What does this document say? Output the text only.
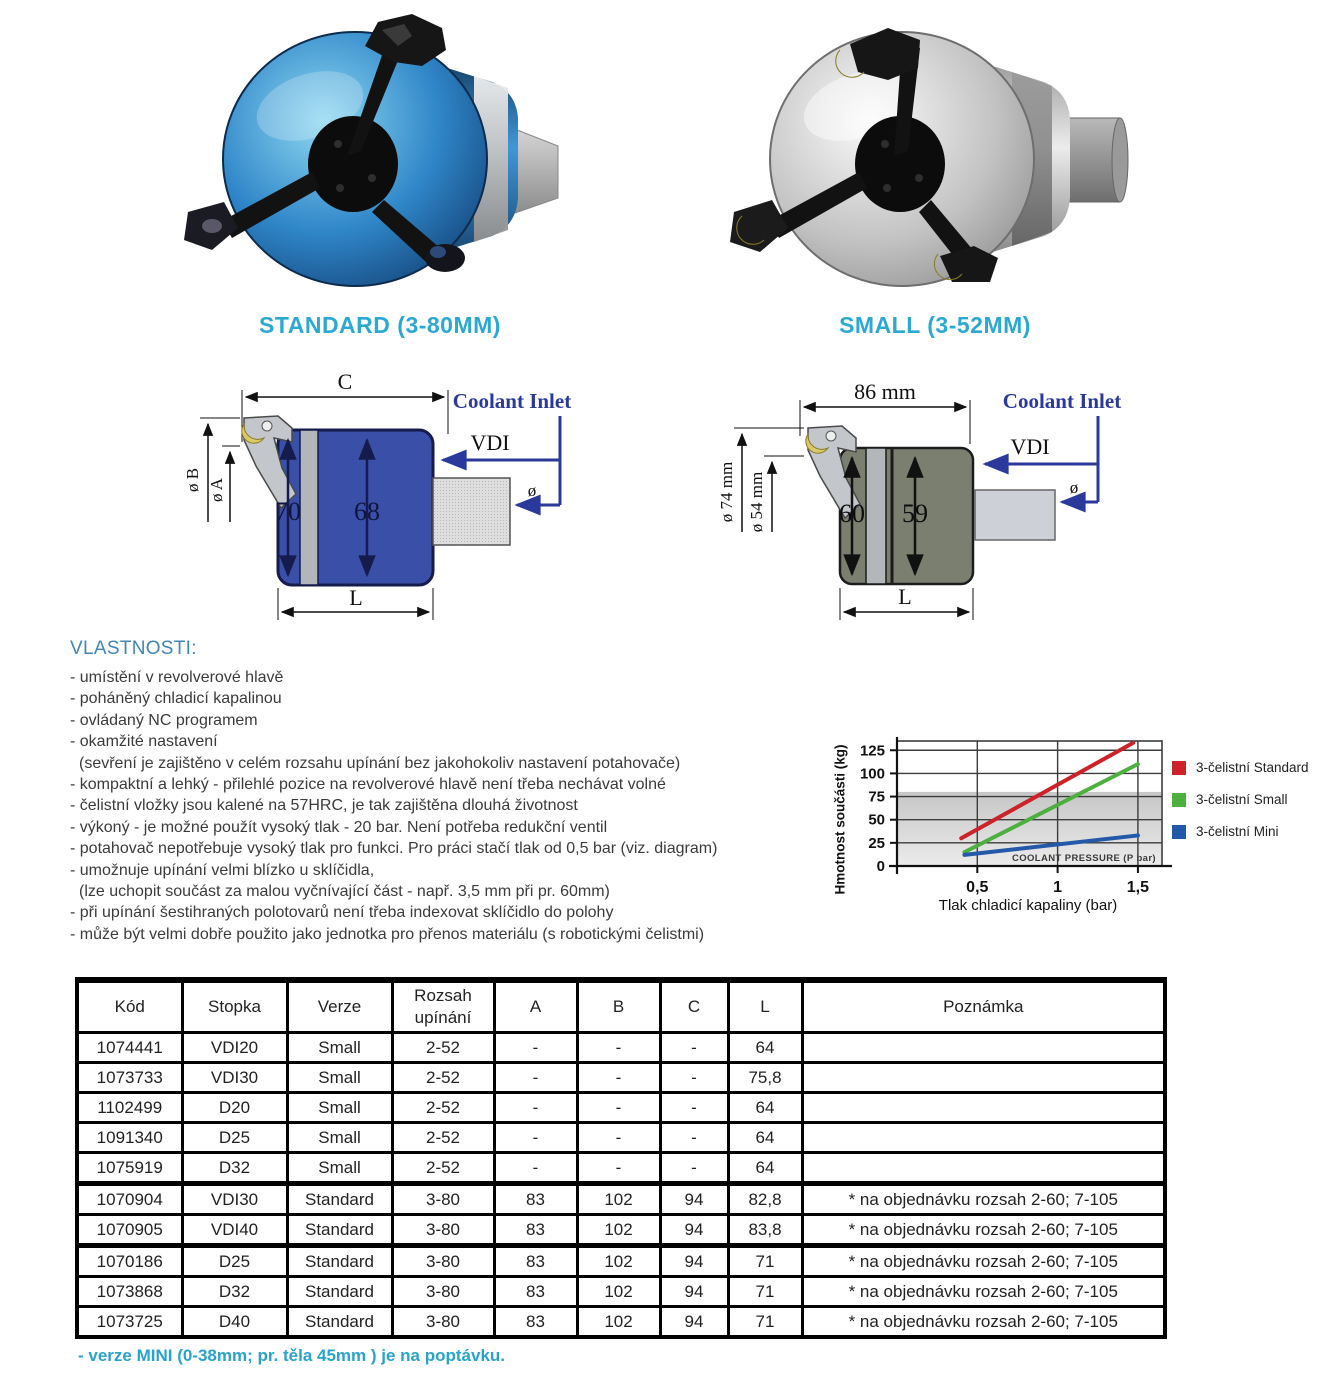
STANDARD (3-80MM)	SMALL (3-52MM)
C
70 68
L
ø B ø A
Coolant Inlet
VDI
ø
86 mm
60 59
L
ø 74 mm ø 54 mm
Coolant Inlet
VDI
ø
VLASTNOSTI:
- umístění v revolverové hlavě
- poháněný chladicí kapalinou
- ovládaný NC programem
- okamžité nastavení
(sevření je zajištěno v celém rozsahu upínání bez jakohokoliv nastavení potahovače)
- kompaktní a lehký - přilehlé pozice na revolverové hlavě není třeba nechávat volné
- čelistní vložky jsou kalené na 57HRC, je tak zajištěna dlouhá životnost
- výkoný - je možné použít vysoký tlak - 20 bar. Není potřeba redukční ventil
- potahovač nepotřebuje vysoký tlak pro funkci. Pro práci stačí tlak od 0,5 bar (viz. diagram)
- umožnuje upínání velmi blízko u sklíčidla,
(lze uchopit součást za malou vyčnívající část - např. 3,5 mm při pr. 60mm)
- při upínání šestihraných polotovarů není třeba indexovat sklíčidlo do polohy
- může být velmi dobře použito jako jednotka pro přenos materiálu (s robotickými čelistmi)
Hmotnost součásti (kg) 0
25
50
75
100
125
0,5	1	1,5
COOLANT PRESSURE (P bar)
Tlak chladicí kapaliny (bar)
3-čelistní Standard
3-čelistní Small
3-čelistní Mini
Kód	Stopka	Verze	Rozsah upínání	A	B	C	L	Poznámka
1074441	VDI20	Small	2-52	-	-	-	64	
1073733	VDI30	Small	2-52	-	-	-	75,8	
1102499	D20	Small	2-52	-	-	-	64	
1091340	D25	Small	2-52	-	-	-	64	
1075919	D32	Small	2-52	-	-	-	64	
1070904	VDI30	Standard	3-80	83	102	94	82,8	* na objednávku rozsah 2-60; 7-105
1070905	VDI40	Standard	3-80	83	102	94	83,8	* na objednávku rozsah 2-60; 7-105
1070186	D25	Standard	3-80	83	102	94	71	* na objednávku rozsah 2-60; 7-105
1073868	D32	Standard	3-80	83	102	94	71	* na objednávku rozsah 2-60; 7-105
1073725	D40	Standard	3-80	83	102	94	71	* na objednávku rozsah 2-60; 7-105
- verze MINI (0-38mm; pr. těla 45mm ) je na poptávku.
